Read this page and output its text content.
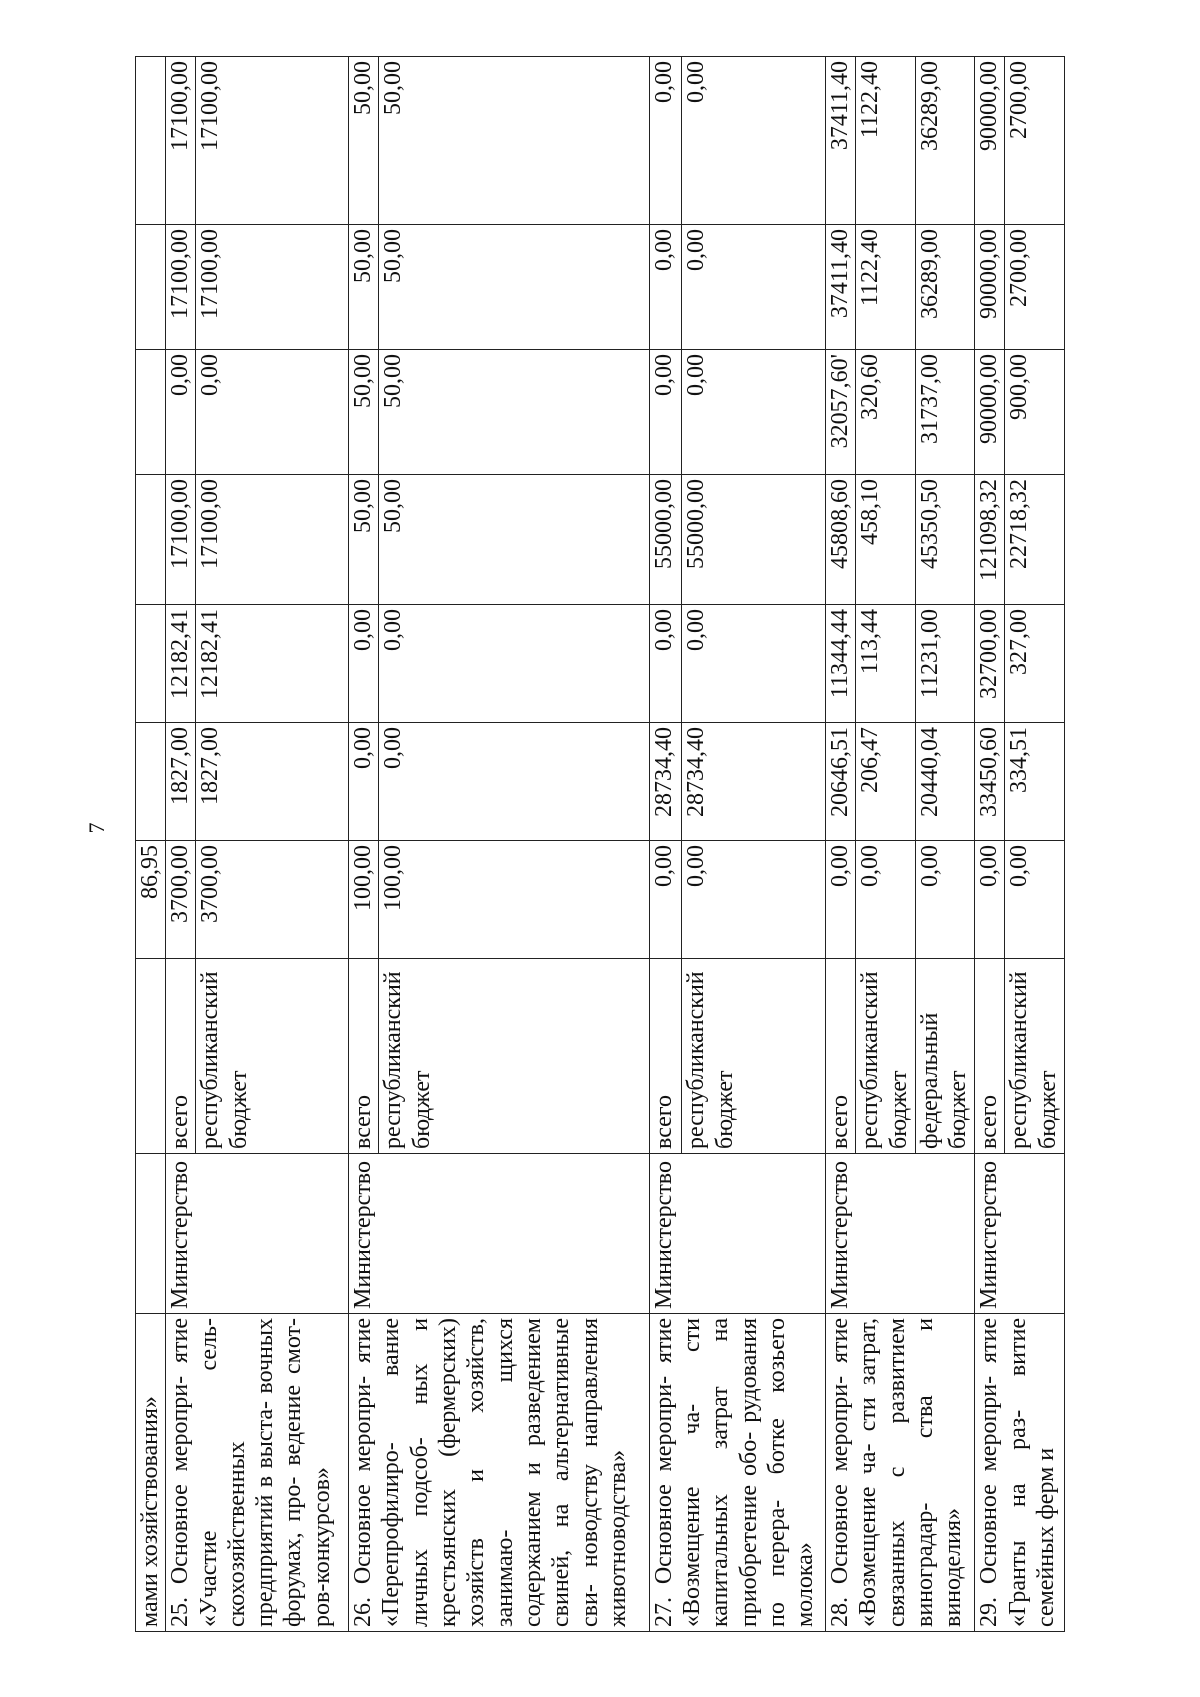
7
мами хозяйствования»			86,95						
25. Основное меропри- ятие «Участие сель- скохозяйственных предприятий в выста- вочных форумах, про- ведение смот- ров-конкурсов»	Министерство	всего	3700,00	1827,00	12182,41	17100,00	0,00	17100,00	17100,00
		республиканский бюджет	3700,00	1827,00	12182,41	17100,00	0,00	17100,00	17100,00
26. Основное меропри- ятие «Перепрофилиро- вание личных подсоб- ных и крестьянских (фермерских) хозяйств и хозяйств, занимаю- щихся содержанием и разведением свиней, на альтернативные сви- новодству направления животноводства»	Министерство	всего	100,00	0,00	0,00	50,00	50,00	50,00	50,00
		республиканский бюджет	100,00	0,00	0,00	50,00	50,00	50,00	50,00
27. Основное меропри- ятие «Возмещение ча- сти капитальных затрат на приобретение обо- рудования по перера- ботке козьего молока»	Министерство	всего	0,00	28734,40	0,00	55000,00	0,00	0,00	0,00
		республиканский бюджет	0,00	28734,40	0,00	55000,00	0,00	0,00	0,00
28. Основное меропри- ятие «Возмещение ча- сти затрат, связанных с развитием виноградар- ства и виноделия»	Министерство	всего	0,00	20646,51	11344,44	45808,60	32057,60'	37411,40	37411,40
		республиканский бюджет	0,00	206,47	113,44	458,10	320,60	1122,40	1122,40
		федеральный бюджет	0,00	20440,04	11231,00	45350,50	31737,00	36289,00	36289,00
29. Основное меропри- ятие «Гранты на раз- витие семейных ферм и	Министерство	всего	0,00	33450,60	32700,00	121098,32	90000,00	90000,00	90000,00
		республиканский бюджет	0,00	334,51	327,00	22718,32	900,00	2700,00	2700,00
